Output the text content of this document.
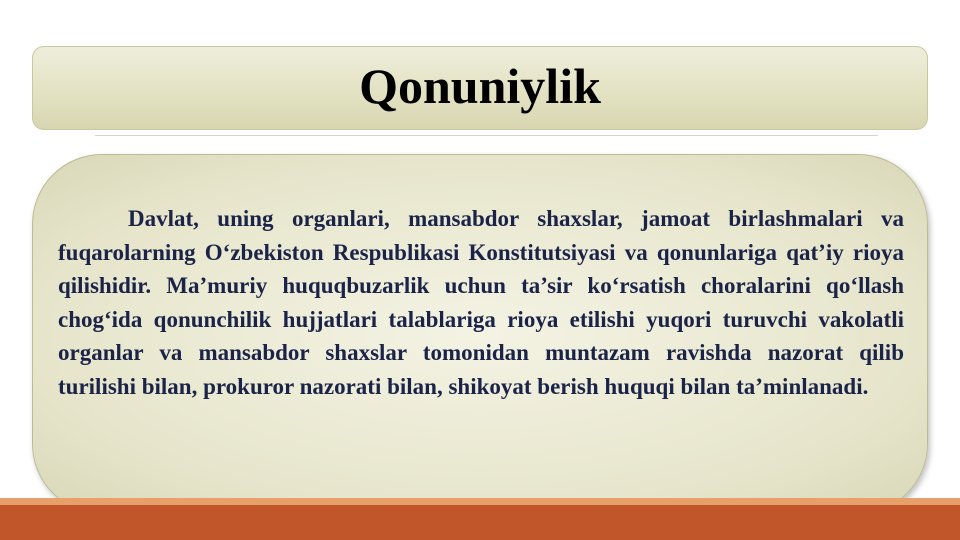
Qonuniylik

Davlat, uning organlari, mansabdor shaxslar, jamoat birlashmalari va fuqarolarning O‘zbekiston Respublikasi Konstitutsiyasi va qonunlariga qat’iy rioya qilishidir. Ma’muriy huquqbuzarlik uchun ta’sir ko‘rsatish choralarini qo‘llash chog‘ida qonunchilik hujjatlari talablariga rioya etilishi yuqori turuvchi vakolatli organlar va mansabdor shaxslar tomonidan muntazam ravishda nazorat qilib turilishi bilan, prokuror nazorati bilan, shikoyat berish huquqi bilan ta’minlanadi.
